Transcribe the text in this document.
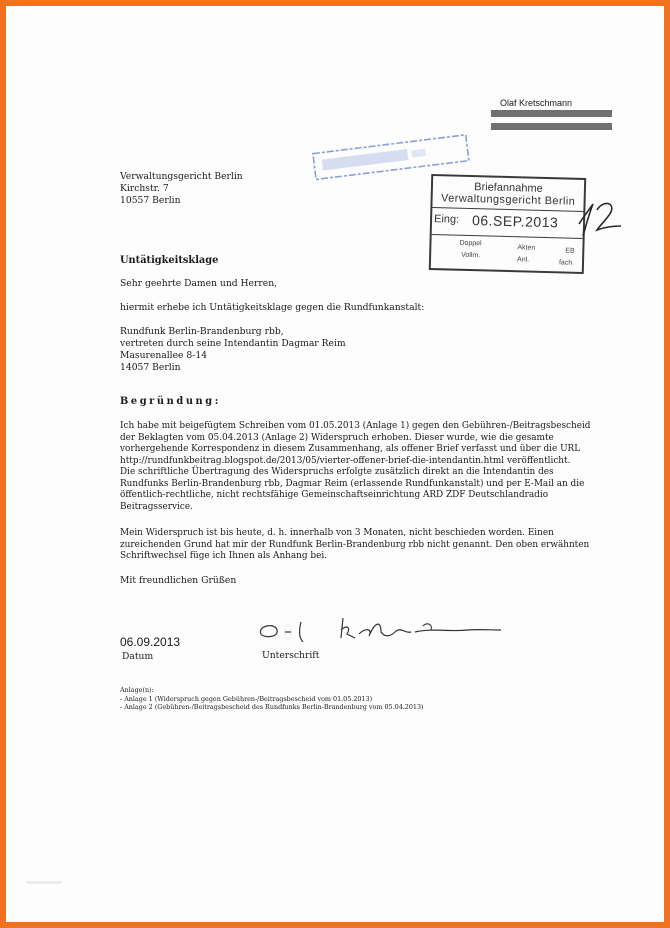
Olaf Kretschmann
Verwaltungsgericht Berlin
Kirchstr. 7
10557 Berlin
Briefannahme
Verwaltungsgericht Berlin
Eing: 06.SEP.2013
Doppel
Akten	EB
Vollm.
Anl.	fach
Untätigkeitsklage
Sehr geehrte Damen und Herren,
hiermit erhebe ich Untätigkeitsklage gegen die Rundfunkanstalt:
Rundfunk Berlin-Brandenburg rbb,
vertreten durch seine Intendantin Dagmar Reim
Masurenallee 8-14
14057 Berlin
Begründung:
Ich habe mit beigefügtem Schreiben vom 01.05.2013 (Anlage 1) gegen den Gebühren-/Beitragsbescheid
der Beklagten vom 05.04.2013 (Anlage 2) Widerspruch erhoben. Dieser wurde, wie die gesamte
vorhergehende Korrespondenz in diesem Zusammenhang, als offener Brief verfasst und über die URL
http://rundfunkbeitrag.blogspot.de/2013/05/vierter-offener-brief-die-intendantin.html veröffentlicht.
Die schriftliche Übertragung des Widerspruchs erfolgte zusätzlich direkt an die Intendantin des
Rundfunks Berlin-Brandenburg rbb, Dagmar Reim (erlassende Rundfunkanstalt) und per E-Mail an die
öffentlich-rechtliche, nicht rechtsfähige Gemeinschaftseinrichtung ARD ZDF Deutschlandradio
Beitragsservice.
Mein Widerspruch ist bis heute, d. h. innerhalb von 3 Monaten, nicht beschieden worden. Einen
zureichenden Grund hat mir der Rundfunk Berlin-Brandenburg rbb nicht genannt. Den oben erwähnten
Schriftwechsel füge ich Ihnen als Anhang bei.
Mit freundlichen Grüßen
06.09.2013
Datum	Unterschrift
Anlage(n):
- Anlage 1 (Widerspruch gegen Gebühren-/Beitragsbescheid vom 01.05.2013)
- Anlage 2 (Gebühren-/Beitragsbescheid des Rundfunks Berlin-Brandenburg vom 05.04.2013)
